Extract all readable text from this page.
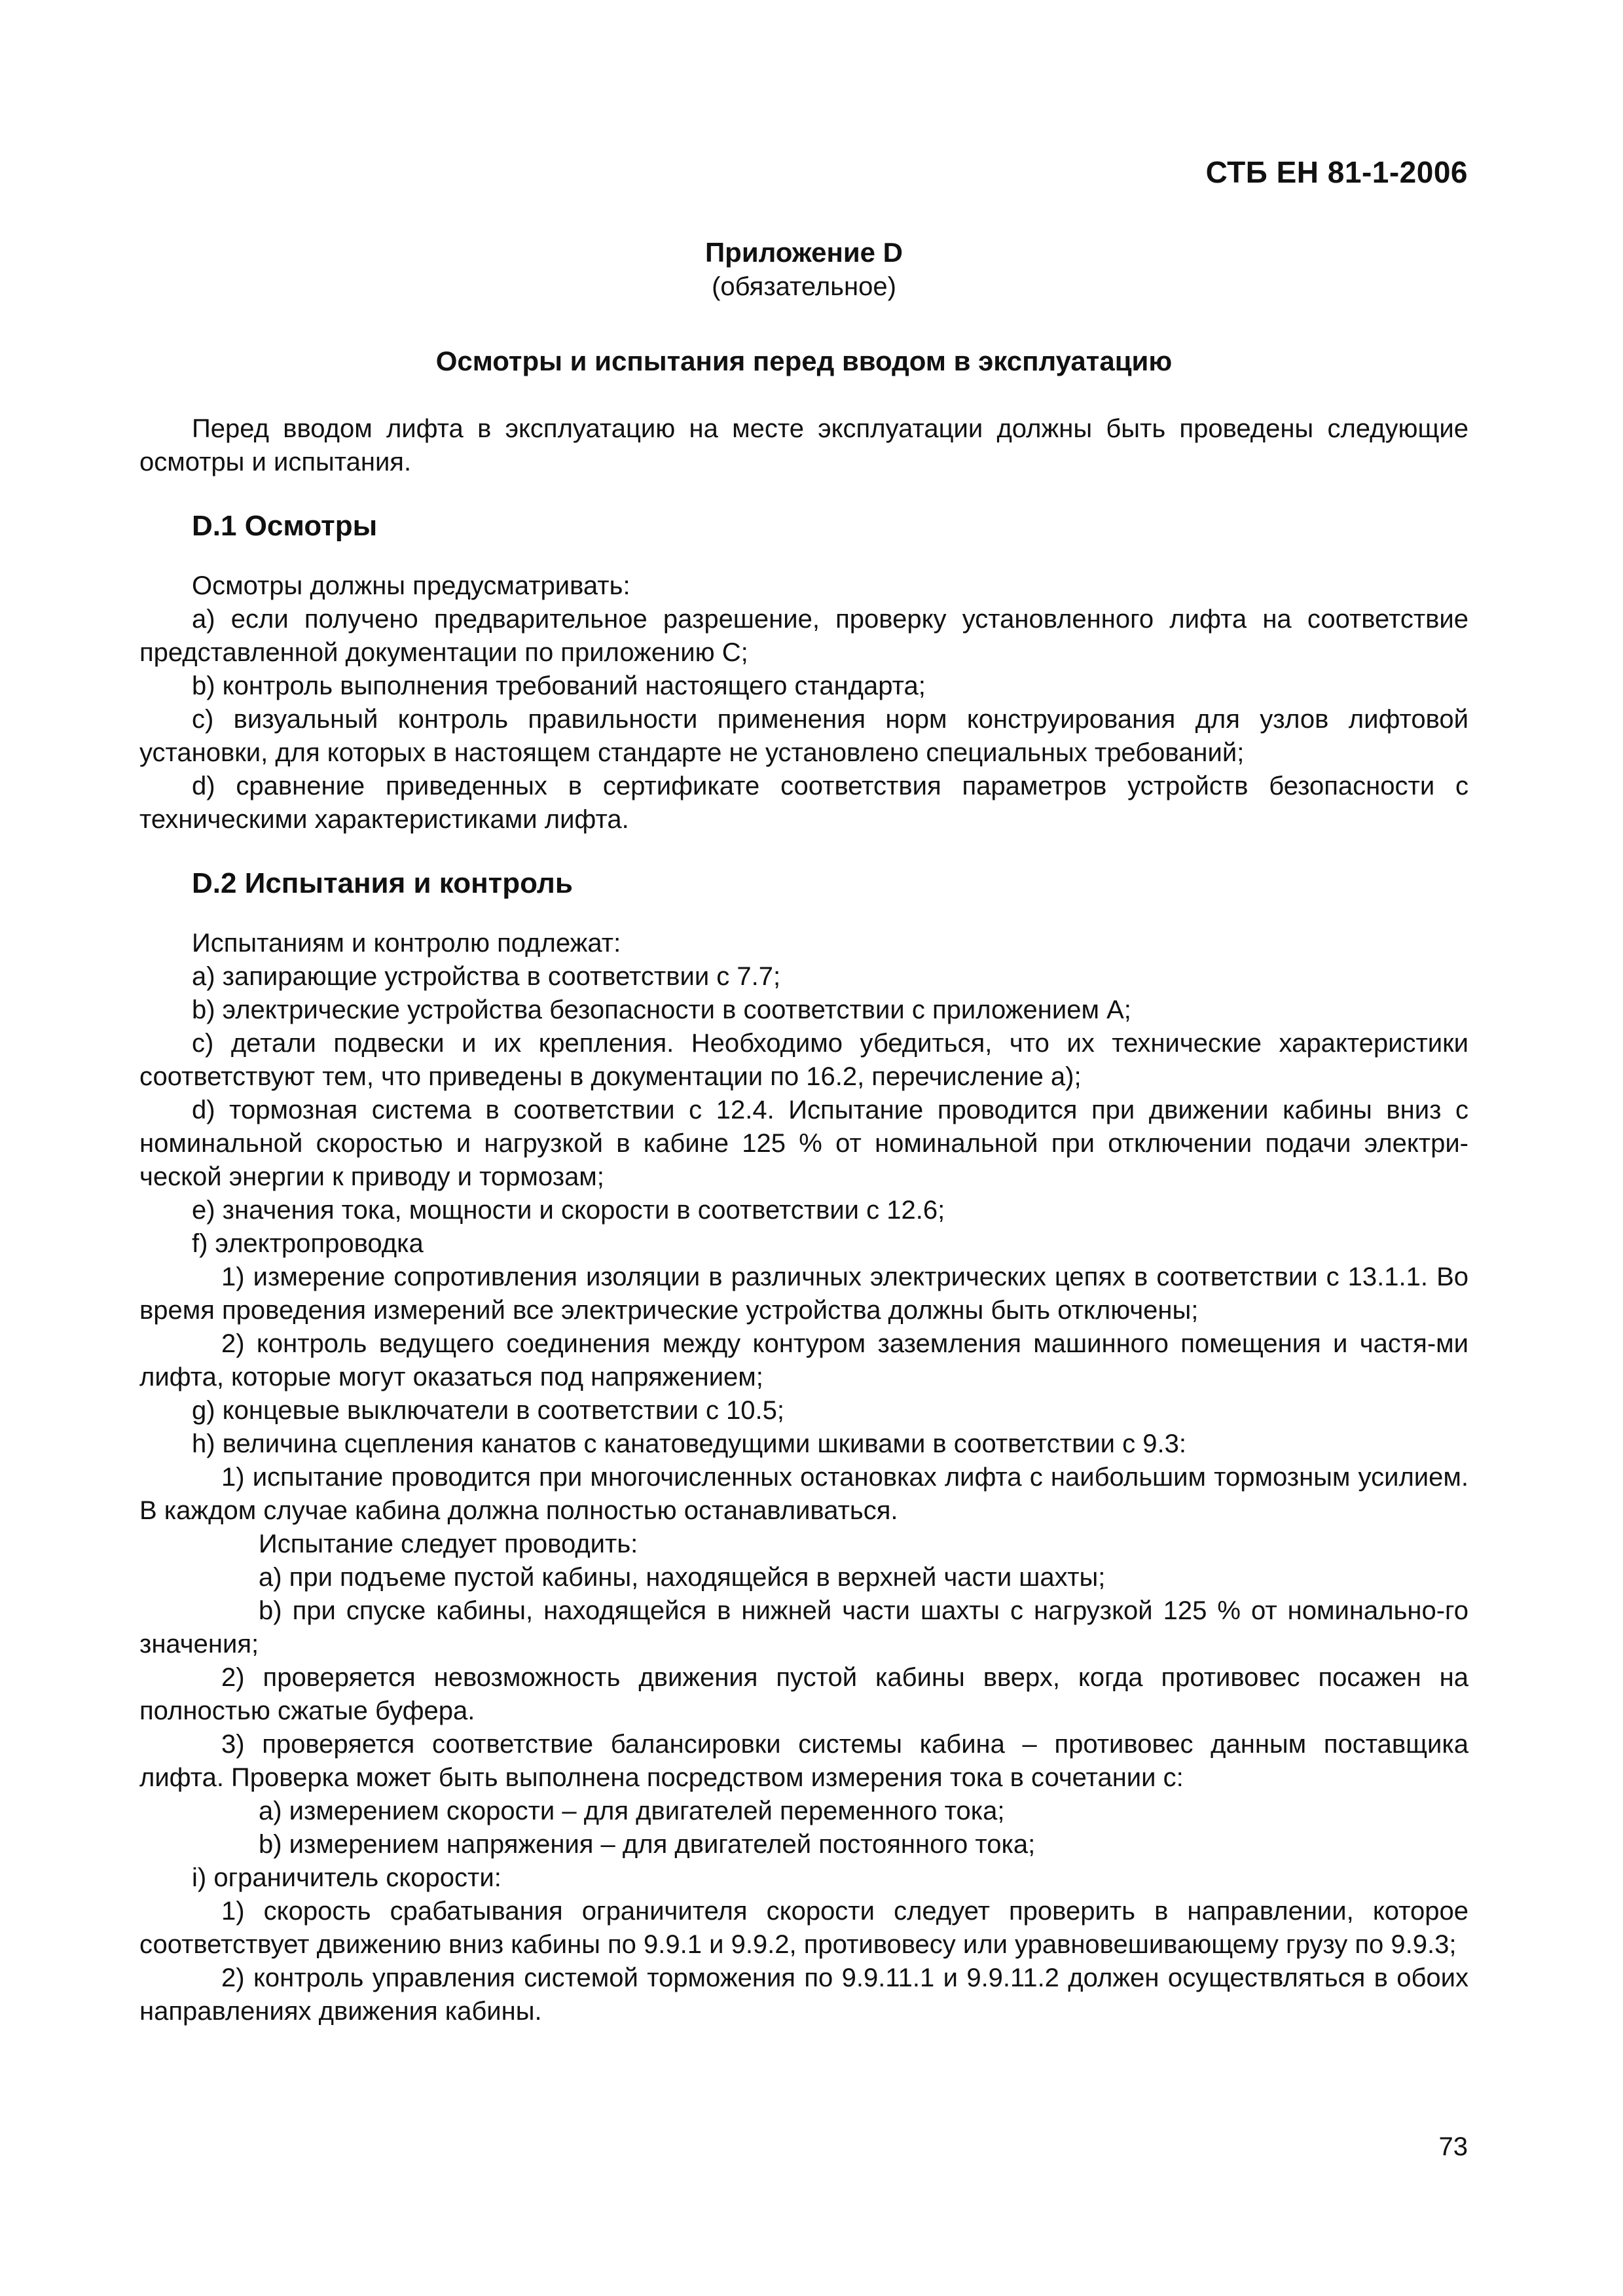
СТБ ЕН 81-1-2006
Приложение D
(обязательное)
Осмотры и испытания перед вводом в эксплуатацию

Перед вводом лифта в эксплуатацию на месте эксплуатации должны быть проведены следующие осмотры и испытания.

D.1 Осмотры

Осмотры должны предусматривать:

a) если получено предварительное разрешение, проверку установленного лифта на соответствие представленной документации по приложению С;

b) контроль выполнения требований настоящего стандарта;

c) визуальный контроль правильности применения норм конструирования для узлов лифтовой установки, для которых в настоящем стандарте не установлено специальных требований;

d) сравнение приведенных в сертификате соответствия параметров устройств безопасности с техническими характеристиками лифта.

D.2 Испытания и контроль

Испытаниям и контролю подлежат:

a) запирающие устройства в соответствии с 7.7;

b) электрические устройства безопасности в соответствии с приложением А;

c) детали подвески и их крепления. Необходимо убедиться, что их технические характеристики соответствуют тем, что приведены в документации по 16.2, перечисление а);

d) тормозная система в соответствии с 12.4. Испытание проводится при движении кабины вниз с номинальной скоростью и нагрузкой в кабине 125 % от номинальной при отключении подачи электри-ческой энергии к приводу и тормозам;

e) значения тока, мощности и скорости в соответствии с 12.6;

f) электропроводка

1) измерение сопротивления изоляции в различных электрических цепях в соответствии с 13.1.1. Во время проведения измерений все электрические устройства должны быть отключены;

2) контроль ведущего соединения между контуром заземления машинного помещения и частя-ми лифта, которые могут оказаться под напряжением;

g) концевые выключатели в соответствии с 10.5;

h) величина сцепления канатов с канатоведущими шкивами в соответствии с 9.3:

1) испытание проводится при многочисленных остановках лифта с наибольшим тормозным усилием. В каждом случае кабина должна полностью останавливаться.

Испытание следует проводить:

a) при подъеме пустой кабины, находящейся в верхней части шахты;

b) при спуске кабины, находящейся в нижней части шахты с нагрузкой 125 % от номинально-го значения;

2) проверяется невозможность движения пустой кабины вверх, когда противовес посажен на полностью сжатые буфера.

3) проверяется соответствие балансировки системы кабина – противовес данным поставщика лифта. Проверка может быть выполнена посредством измерения тока в сочетании с:

a) измерением скорости – для двигателей переменного тока;

b) измерением напряжения – для двигателей постоянного тока;

i) ограничитель скорости:

1) скорость срабатывания ограничителя скорости следует проверить в направлении, которое соответствует движению вниз кабины по 9.9.1 и 9.9.2, противовесу или уравновешивающему грузу по 9.9.3;

2) контроль управления системой торможения по 9.9.11.1 и 9.9.11.2 должен осуществляться в обоих направлениях движения кабины.

73
